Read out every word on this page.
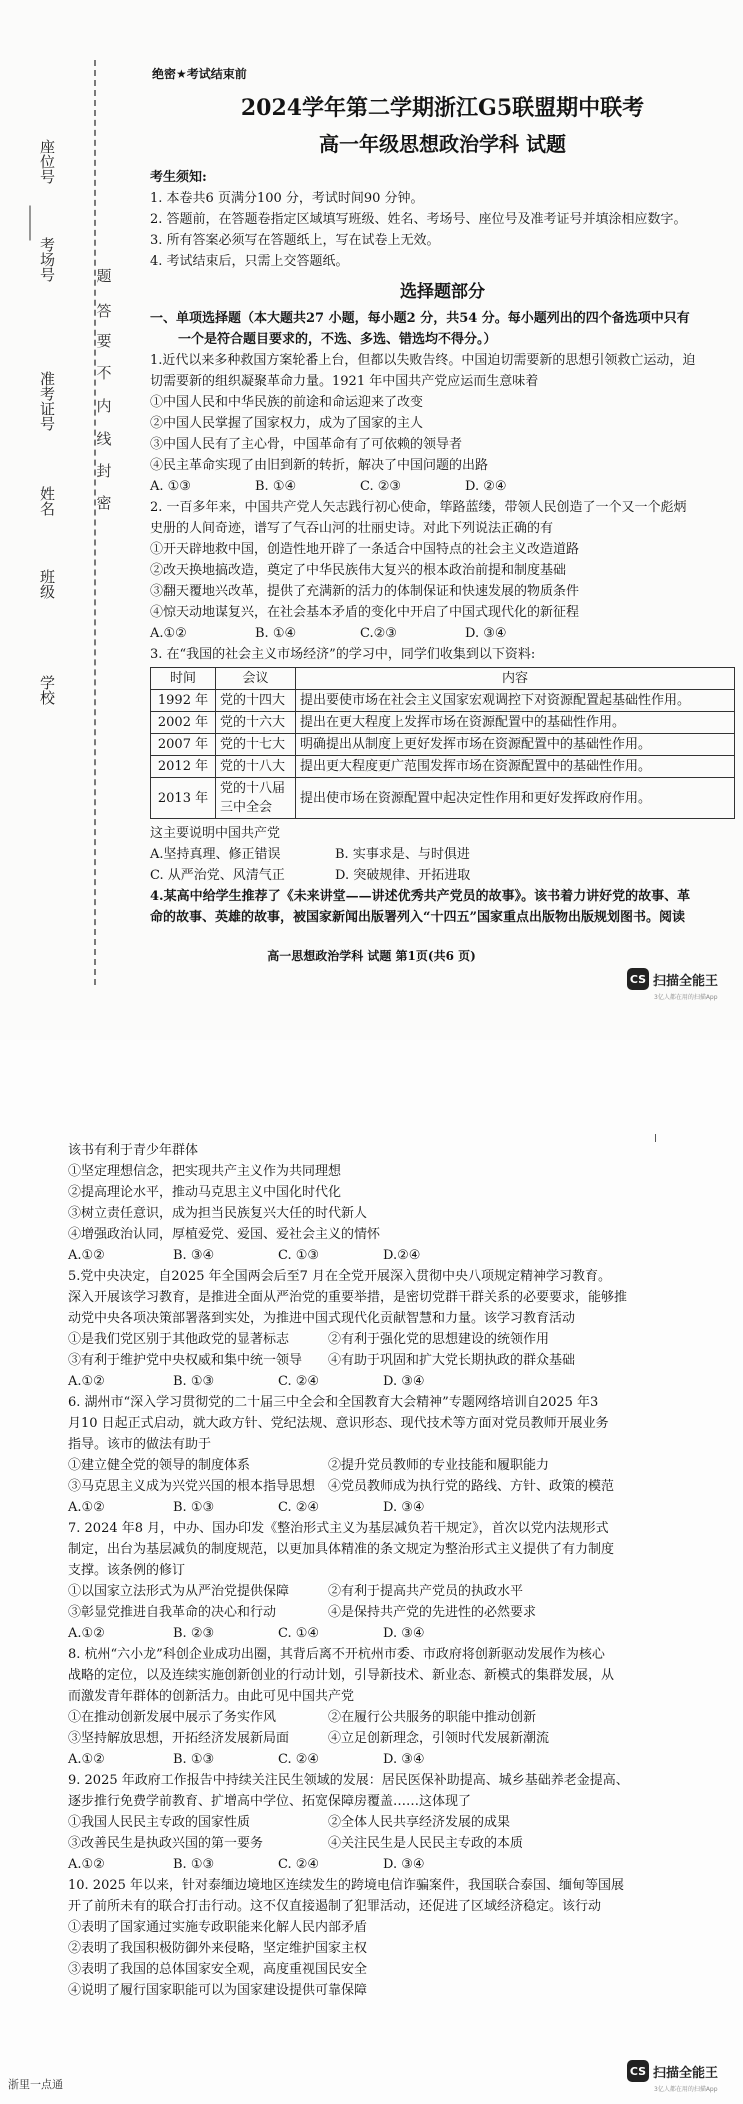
座位号
考场号
准考证号
姓名
班级
学校
题
答
要
不
内
线
封
密
绝密★考试结束前
2024学年第二学期浙江G5联盟期中联考
高一年级思想政治学科 试题
考生须知:
1. 本卷共6 页满分100 分，考试时间90 分钟。
2. 答题前，在答题卷指定区域填写班级、姓名、考场号、座位号及准考证号并填涂相应数字。
3. 所有答案必须写在答题纸上，写在试卷上无效。
4. 考试结束后，只需上交答题纸。
选择题部分
一、单项选择题（本大题共27 小题，每小题2 分，共54 分。每小题列出的四个备选项中只有
一个是符合题目要求的，不选、多选、错选均不得分。）
1.近代以来多种救国方案轮番上台，但都以失败告终。中国迫切需要新的思想引领救亡运动，迫
切需要新的组织凝聚革命力量。1921 年中国共产党应运而生意味着
①中国人民和中华民族的前途和命运迎来了改变
②中国人民掌握了国家权力，成为了国家的主人
③中国人民有了主心骨，中国革命有了可依赖的领导者
④民主革命实现了由旧到新的转折，解决了中国问题的出路
A. ①③	B. ①④	C. ②③	D. ②④
2. 一百多年来，中国共产党人矢志践行初心使命，筚路蓝缕，带领人民创造了一个又一个彪炳
史册的人间奇迹，谱写了气吞山河的壮丽史诗。对此下列说法正确的有
①开天辟地救中国，创造性地开辟了一条适合中国特点的社会主义改造道路
②改天换地搞改造，奠定了中华民族伟大复兴的根本政治前提和制度基础
③翻天覆地兴改革，提供了充满新的活力的体制保证和快速发展的物质条件
④惊天动地谋复兴，在社会基本矛盾的变化中开启了中国式现代化的新征程
A.①②	B. ①④	C.②③	D. ③④
3. 在“我国的社会主义市场经济”的学习中，同学们收集到以下资料:
时间	会议	内容
1992 年	党的十四大	提出要使市场在社会主义国家宏观调控下对资源配置起基础性作用。
2002 年	党的十六大	提出在更大程度上发挥市场在资源配置中的基础性作用。
2007 年	党的十七大	明确提出从制度上更好发挥市场在资源配置中的基础性作用。
2012 年	党的十八大	提出更大程度更广范围发挥市场在资源配置中的基础性作用。
2013 年	党的十八届三中全会	提出使市场在资源配置中起决定性作用和更好发挥政府作用。
这主要说明中国共产党
A.坚持真理、修正错误	B. 实事求是、与时俱进
C. 从严治党、风清气正	D. 突破规律、开拓进取
4.某高中给学生推荐了《未来讲堂——讲述优秀共产党员的故事》。该书着力讲好党的故事、革
命的故事、英雄的故事，被国家新闻出版署列入“十四五”国家重点出版物出版规划图书。阅读
高一思想政治学科 试题 第1页(共6 页)
CS 扫描全能王
3亿人都在用的扫描App
该书有利于青少年群体
①坚定理想信念，把实现共产主义作为共同理想
②提高理论水平，推动马克思主义中国化时代化
③树立责任意识，成为担当民族复兴大任的时代新人
④增强政治认同，厚植爱党、爱国、爱社会主义的情怀
A.①②	B. ③④	C. ①③	D.②④
5.党中央决定，自2025 年全国两会后至7 月在全党开展深入贯彻中央八项规定精神学习教育。
深入开展该学习教育，是推进全面从严治党的重要举措，是密切党群干群关系的必要要求，能够推
动党中央各项决策部署落到实处，为推进中国式现代化贡献智慧和力量。该学习教育活动
①是我们党区别于其他政党的显著标志	②有利于强化党的思想建设的统领作用
③有利于维护党中央权威和集中统一领导	④有助于巩固和扩大党长期执政的群众基础
A.①②	B. ①③	C. ②④	D. ③④
6. 湖州市“深入学习贯彻党的二十届三中全会和全国教育大会精神”专题网络培训自2025 年3
月10 日起正式启动，就大政方针、党纪法规、意识形态、现代技术等方面对党员教师开展业务
指导。该市的做法有助于
①建立健全党的领导的制度体系	②提升党员教师的专业技能和履职能力
③马克思主义成为兴党兴国的根本指导思想 ④党员教师成为执行党的路线、方针、政策的模范
A.①②	B. ①③	C. ②④	D. ③④
7. 2024 年8 月，中办、国办印发《整治形式主义为基层减负若干规定》，首次以党内法规形式
制定，出台为基层减负的制度规范，以更加具体精准的条文规定为整治形式主义提供了有力制度
支撑。该条例的修订
①以国家立法形式为从严治党提供保障	②有利于提高共产党员的执政水平
③彰显党推进自我革命的决心和行动	④是保持共产党的先进性的必然要求
A.①②	B. ②③	C. ①④	D. ③④
8. 杭州“六小龙”科创企业成功出圈，其背后离不开杭州市委、市政府将创新驱动发展作为核心
战略的定位，以及连续实施创新创业的行动计划，引导新技术、新业态、新模式的集群发展，从
而激发青年群体的创新活力。由此可见中国共产党
①在推动创新发展中展示了务实作风	②在履行公共服务的职能中推动创新
③坚持解放思想，开拓经济发展新局面	④立足创新理念，引领时代发展新潮流
A.①②	B. ①③	C. ②④	D. ③④
9. 2025 年政府工作报告中持续关注民生领域的发展：居民医保补助提高、城乡基础养老金提高、
逐步推行免费学前教育、扩增高中学位、拓宽保障房覆盖……这体现了
①我国人民民主专政的国家性质	②全体人民共享经济发展的成果
③改善民生是执政兴国的第一要务	④关注民生是人民民主专政的本质
A.①②	B. ①③	C. ②④	D. ③④
10. 2025 年以来，针对泰缅边境地区连续发生的跨境电信诈骗案件，我国联合泰国、缅甸等国展
开了前所未有的联合打击行动。这不仅直接遏制了犯罪活动，还促进了区域经济稳定。该行动
①表明了国家通过实施专政职能来化解人民内部矛盾
②表明了我国积极防御外来侵略，坚定维护国家主权
③表明了我国的总体国家安全观，高度重视国民安全
④说明了履行国家职能可以为国家建设提供可靠保障
浙里一点通
CS 扫描全能王
3亿人都在用的扫描App
